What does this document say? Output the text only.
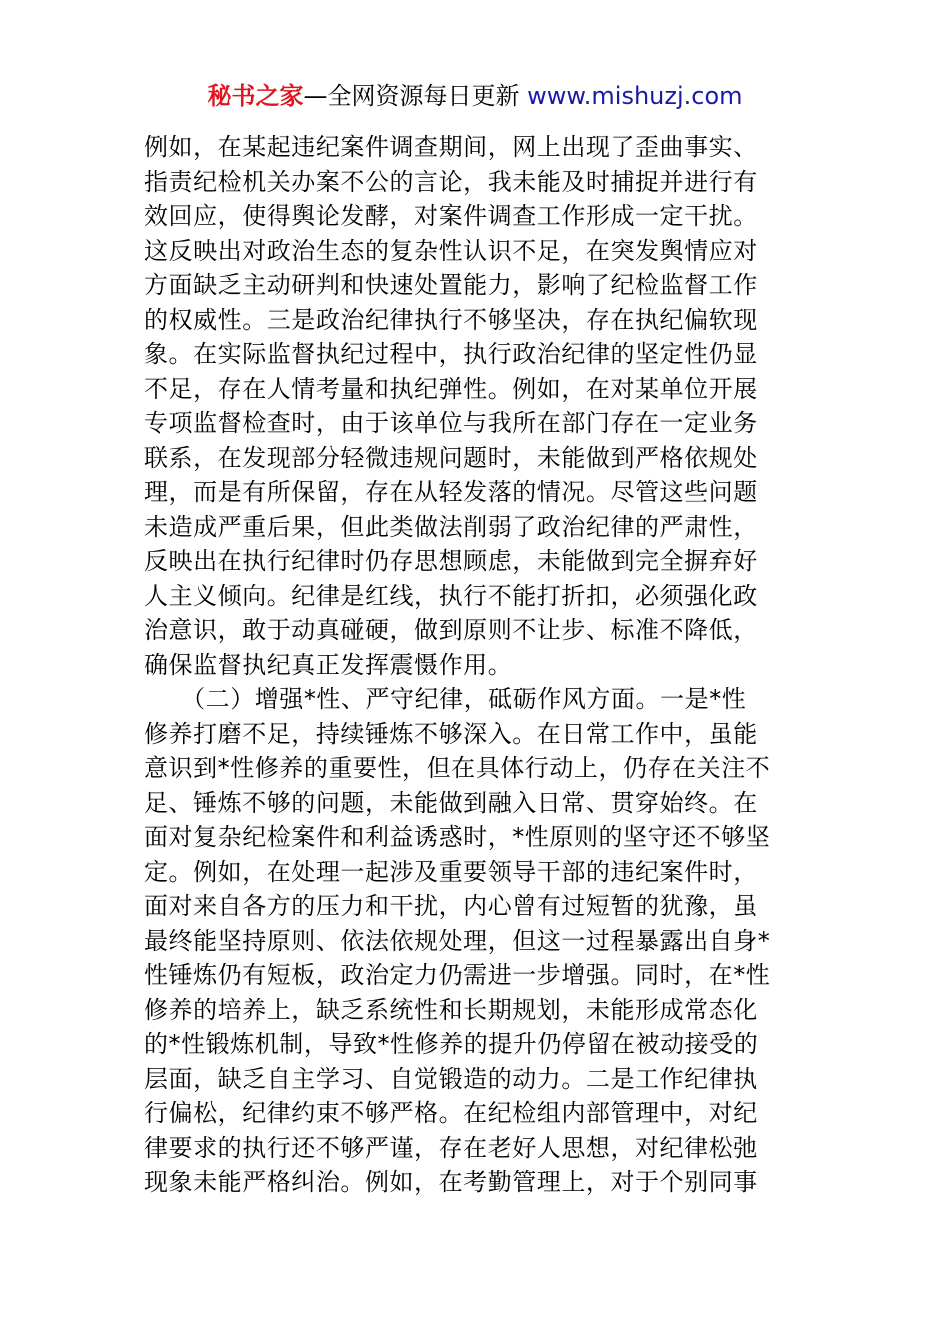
秘书之家—全网资源每日更新 www.mishuzj.com
例如，在某起违纪案件调查期间，网上出现了歪曲事实、
指责纪检机关办案不公的言论，我未能及时捕捉并进行有
效回应，使得舆论发酵，对案件调查工作形成一定干扰。
这反映出对政治生态的复杂性认识不足，在突发舆情应对
方面缺乏主动研判和快速处置能力，影响了纪检监督工作
的权威性。三是政治纪律执行不够坚决，存在执纪偏软现
象。在实际监督执纪过程中，执行政治纪律的坚定性仍显
不足，存在人情考量和执纪弹性。例如，在对某单位开展
专项监督检查时，由于该单位与我所在部门存在一定业务
联系，在发现部分轻微违规问题时，未能做到严格依规处
理，而是有所保留，存在从轻发落的情况。尽管这些问题
未造成严重后果，但此类做法削弱了政治纪律的严肃性，
反映出在执行纪律时仍存思想顾虑，未能做到完全摒弃好
人主义倾向。纪律是红线，执行不能打折扣，必须强化政
治意识，敢于动真碰硬，做到原则不让步、标准不降低，
确保监督执纪真正发挥震慑作用。
　　（二）增强*性、严守纪律，砥砺作风方面。一是*性
修养打磨不足，持续锤炼不够深入。在日常工作中，虽能
意识到*性修养的重要性，但在具体行动上，仍存在关注不
足、锤炼不够的问题，未能做到融入日常、贯穿始终。在
面对复杂纪检案件和利益诱惑时，*性原则的坚守还不够坚
定。例如，在处理一起涉及重要领导干部的违纪案件时，
面对来自各方的压力和干扰，内心曾有过短暂的犹豫，虽
最终能坚持原则、依法依规处理，但这一过程暴露出自身*
性锤炼仍有短板，政治定力仍需进一步增强。同时，在*性
修养的培养上，缺乏系统性和长期规划，未能形成常态化
的*性锻炼机制，导致*性修养的提升仍停留在被动接受的
层面，缺乏自主学习、自觉锻造的动力。二是工作纪律执
行偏松，纪律约束不够严格。在纪检组内部管理中，对纪
律要求的执行还不够严谨，存在老好人思想，对纪律松弛
现象未能严格纠治。例如，在考勤管理上，对于个别同事
